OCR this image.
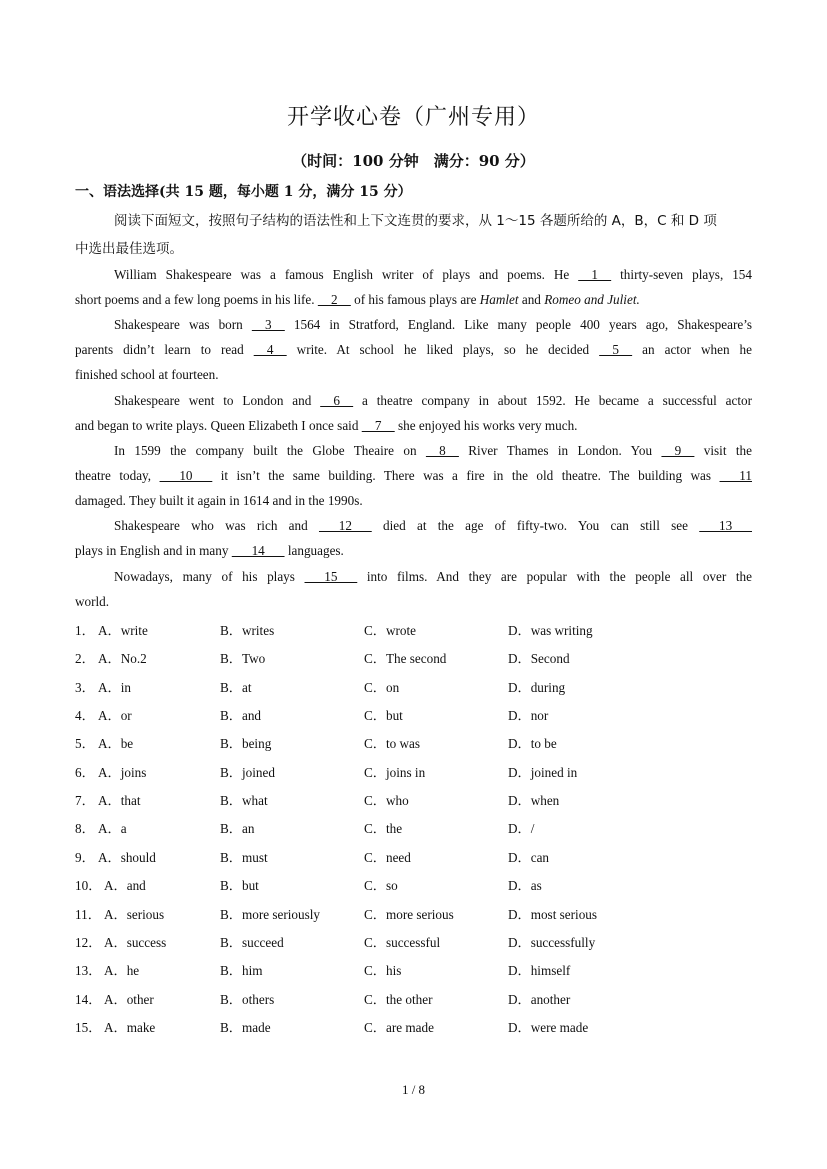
开学收心卷（广州专用）
（时间：100 分钟　满分：90 分）
一、语法选择(共 15 题，每小题 1 分，满分 15 分）
阅读下面短文，按照句子结构的语法性和上下文连贯的要求，从 1～15 各题所给的 A，B，C 和 D 项
中选出最佳选项。
William Shakespeare was a famous English writer of plays and poems. He     1     thirty-seven plays, 154
short poems and a few long poems in his life.     2     of his famous plays are Hamlet and Romeo and Juliet.
Shakespeare was born     3     1564 in Stratford, England. Like many people 400 years ago, Shakespeare’s
parents didn’t learn to read     4     write. At school he liked plays, so he decided     5     an actor when he
finished school at fourteen.
Shakespeare went to London and     6     a theatre company in about 1592. He became a successful actor
and began to write plays. Queen Elizabeth I once said     7     she enjoyed his works very much.
In 1599 the company built the Globe Theaire on     8     River Thames in London. You     9     visit the
theatre today,       10       it isn’t the same building. There was a fire in the old theatre. The building was       11
damaged. They built it again in 1614 and in the 1990s.
Shakespeare who was rich and       12       died at the age of fifty-two. You can still see       13
plays in English and in many       14       languages.
Nowadays, many of his plays       15       into films. And they are popular with the people all over the
world.
1． A．write	B．writes	C．wrote	D．was writing
2． A．No.2	B．Two	C．The second	D．Second
3． A．in	B．at	C．on	D．during
4． A．or	B．and	C．but	D．nor
5． A．be	B．being	C．to was	D．to be
6． A．joins	B．joined	C．joins in	D．joined in
7． A．that	B．what	C．who	D．when
8． A．a	B．an	C．the	D．/
9． A．should	B．must	C．need	D．can
10． A．and	B．but	C．so	D．as
11． A．serious	B．more seriously	C．more serious	D．most serious
12． A．success	B．succeed	C．successful	D．successfully
13． A．he	B．him	C．his	D．himself
14． A．other	B．others	C．the other	D．another
15． A．make	B．made	C．are made	D．were made
1 / 8
